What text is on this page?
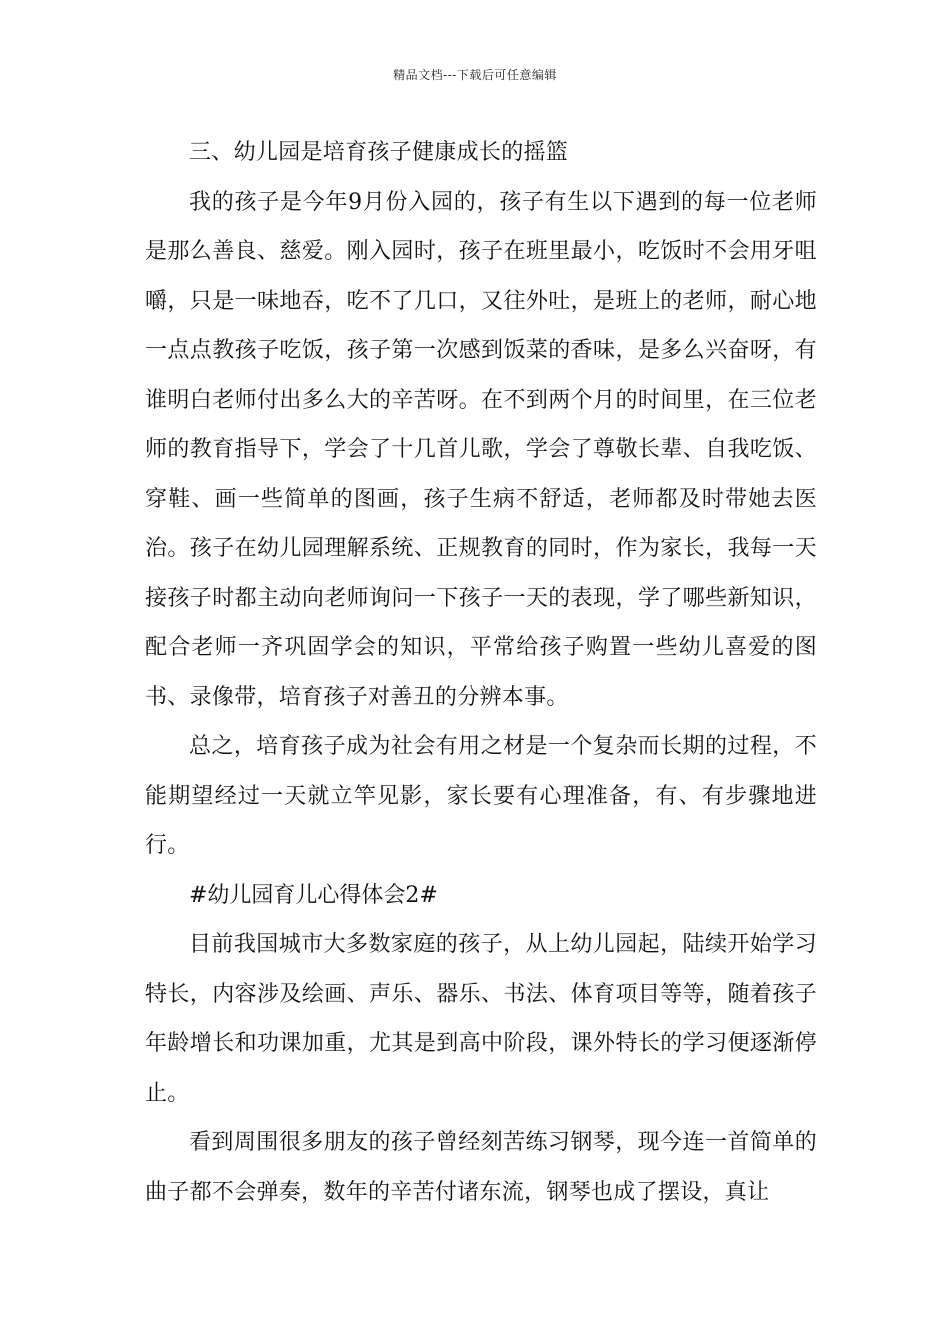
精品文档---下载后可任意编辑

三、幼儿园是培育孩子健康成长的摇篮

我的孩子是今年9月份入园的，孩子有生以下遇到的每一位老师是那么善良、慈爱。刚入园时，孩子在班里最小，吃饭时不会用牙咀嚼，只是一味地吞，吃不了几口，又往外吐，是班上的老师，耐心地一点点教孩子吃饭，孩子第一次感到饭菜的香味，是多么兴奋呀，有谁明白老师付出多么大的辛苦呀。在不到两个月的时间里，在三位老师的教育指导下，学会了十几首儿歌，学会了尊敬长辈、自我吃饭、穿鞋、画一些简单的图画，孩子生病不舒适，老师都及时带她去医治。孩子在幼儿园理解系统、正规教育的同时，作为家长，我每一天接孩子时都主动向老师询问一下孩子一天的表现，学了哪些新知识，配合老师一齐巩固学会的知识，平常给孩子购置一些幼儿喜爱的图书、录像带，培育孩子对善丑的分辨本事。

总之，培育孩子成为社会有用之材是一个复杂而长期的过程，不能期望经过一天就立竿见影，家长要有心理准备，有、有步骤地进行。

#幼儿园育儿心得体会2#

目前我国城市大多数家庭的孩子，从上幼儿园起，陆续开始学习特长，内容涉及绘画、声乐、器乐、书法、体育项目等等，随着孩子年龄增长和功课加重，尤其是到高中阶段，课外特长的学习便逐渐停止。

看到周围很多朋友的孩子曾经刻苦练习钢琴，现今连一首简单的曲子都不会弹奏，数年的辛苦付诸东流，钢琴也成了摆设，真让
